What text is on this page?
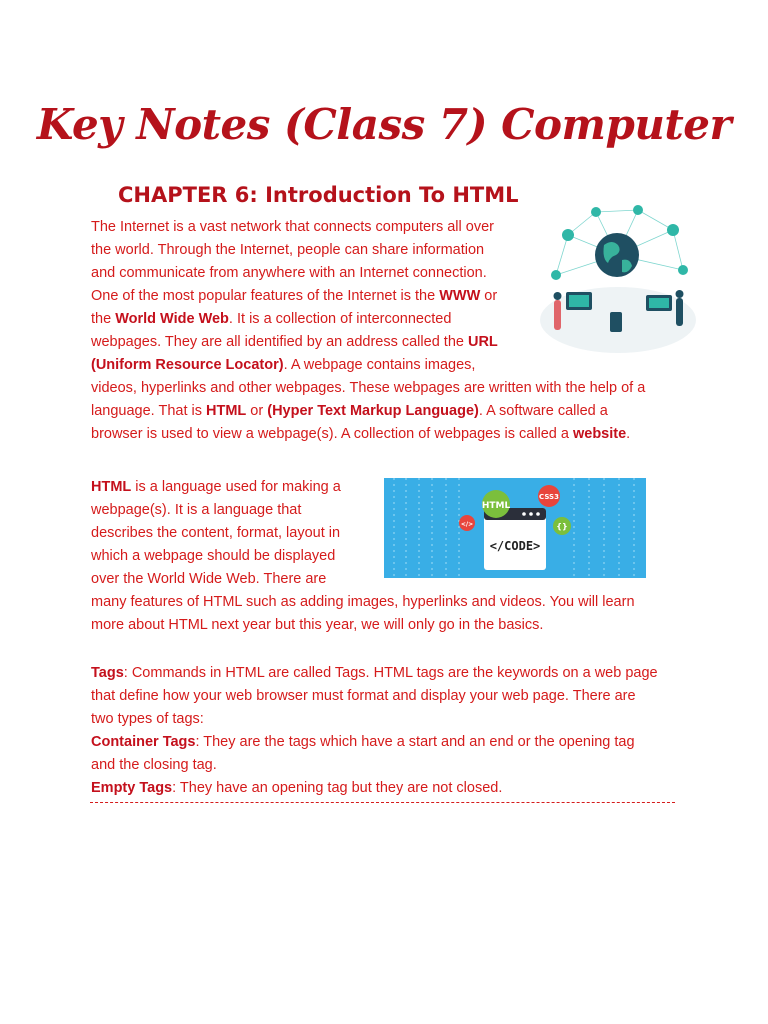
Key Notes (Class 7) Computer
CHAPTER 6: Introduction To HTML
The Internet is a vast network that connects computers all over
the world. Through the Internet, people can share information
and communicate from anywhere with an Internet connection.
One of the most popular features of the Internet is the WWW or
the World Wide Web. It is a collection of interconnected
webpages. They are all identified by an address called the URL
(Uniform Resource Locator). A webpage contains images,
videos, hyperlinks and other webpages. These webpages are written with the help of a
language. That is HTML or (Hyper Text Markup Language). A software called a
browser is used to view a webpage(s). A collection of webpages is called a website.
HTML is a language used for making a
webpage(s). It is a language that
describes the content, format, layout in
which a webpage should be displayed
over the World Wide Web. There are
many features of HTML such as adding images, hyperlinks and videos. You will learn
more about HTML next year but this year, we will only go in the basics.
</CODE>
HTML
CSS3
{}
</>
Tags: Commands in HTML are called Tags. HTML tags are the keywords on a web page
that define how your web browser must format and display your web page. There are
two types of tags:
Container Tags: They are the tags which have a start and an end or the opening tag
and the closing tag.
Empty Tags: They have an opening tag but they are not closed.
